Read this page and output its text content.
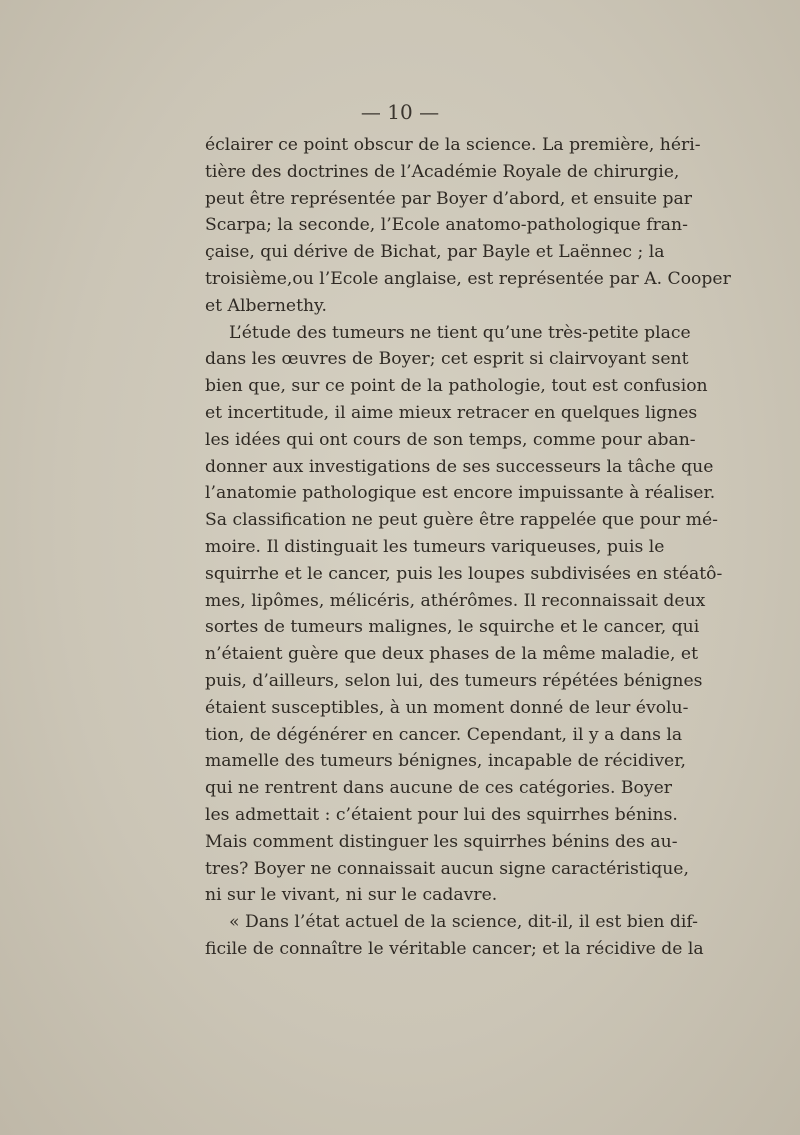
— 10 —
éclairer ce point obscur de la science. La première, héri-
tière des doctrines de l’Académie Royale de chirurgie,
peut être représentée par Boyer d’abord, et ensuite par
Scarpa; la seconde, l’Ecole anatomo-pathologique fran-
çaise, qui dérive de Bichat, par Bayle et Laënnec ; la
troisième,ou l’Ecole anglaise, est représentée par A. Cooper
et Albernethy.
L’étude des tumeurs ne tient qu’une très-petite place
dans les œuvres de Boyer; cet esprit si clairvoyant sent
bien que, sur ce point de la pathologie, tout est confusion
et incertitude, il aime mieux retracer en quelques lignes
les idées qui ont cours de son temps, comme pour aban-
donner aux investigations de ses successeurs la tâche que
l’anatomie pathologique est encore impuissante à réaliser.
Sa classification ne peut guère être rappelée que pour mé-
moire. Il distinguait les tumeurs variqueuses, puis le
squirrhe et le cancer, puis les loupes subdivisées en stéatô-
mes, lipômes, mélicéris, athérômes. Il reconnaissait deux
sortes de tumeurs malignes, le squirche et le cancer, qui
n’étaient guère que deux phases de la même maladie, et
puis, d’ailleurs, selon lui, des tumeurs répétées bénignes
étaient susceptibles, à un moment donné de leur évolu-
tion, de dégénérer en cancer. Cependant, il y a dans la
mamelle des tumeurs bénignes, incapable de récidiver,
qui ne rentrent dans aucune de ces catégories. Boyer
les admettait : c’étaient pour lui des squirrhes bénins.
Mais comment distinguer les squirrhes bénins des au-
tres? Boyer ne connaissait aucun signe caractéristique,
ni sur le vivant, ni sur le cadavre.
« Dans l’état actuel de la science, dit-il, il est bien dif-
ficile de connaître le véritable cancer; et la récidive de la
